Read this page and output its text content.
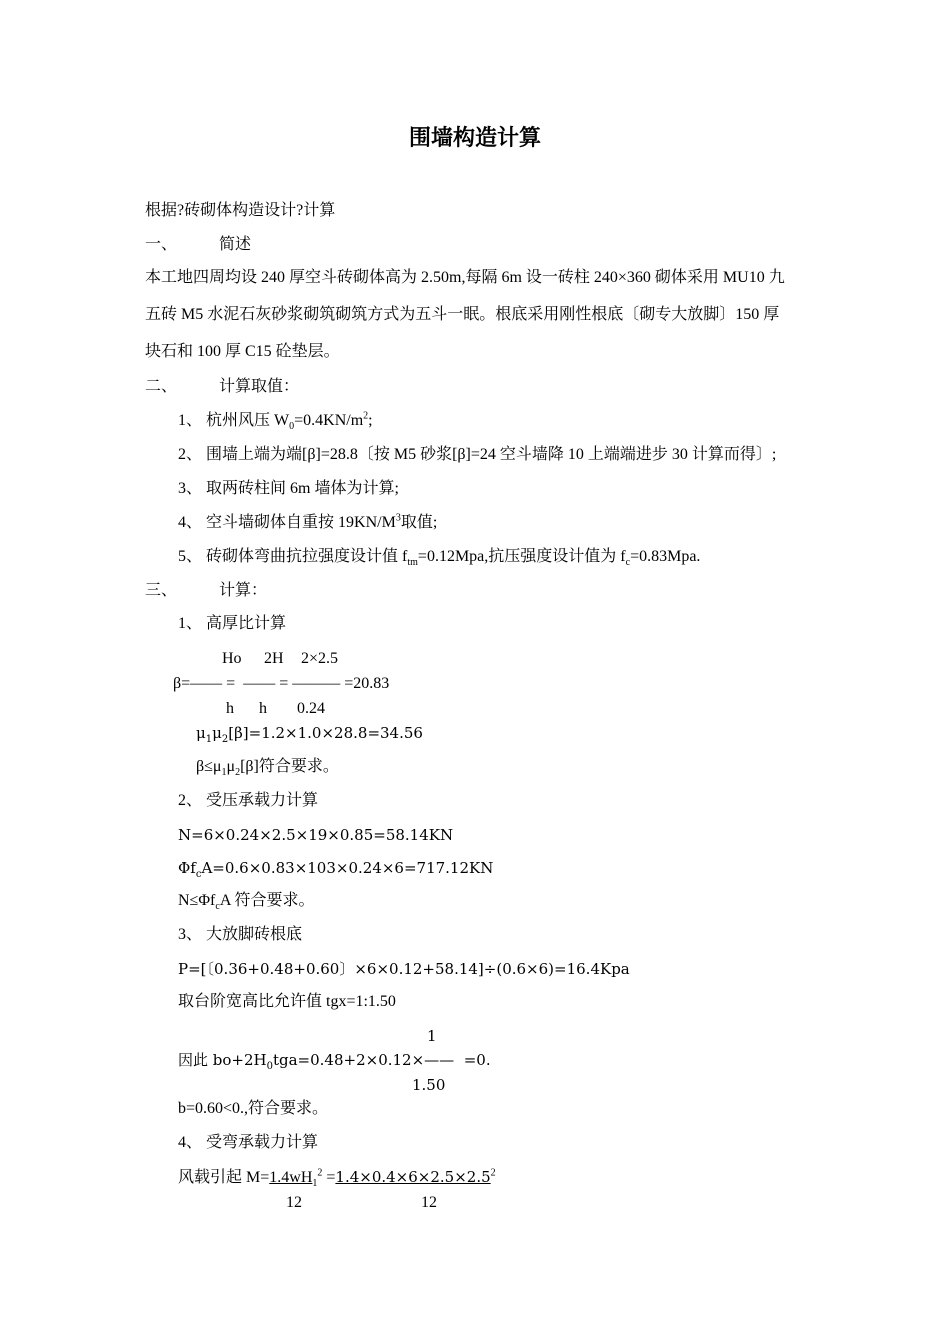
围墙构造计算
根据?砖砌体构造设计?计算
一、	简述
本工地四周均设 240 厚空斗砖砌体高为 2.50m,每隔 6m 设一砖柱 240×360 砌体采用 MU10 九
五砖 M5 水泥石灰砂浆砌筑砌筑方式为五斗一眠。根底采用刚性根底〔砌专大放脚〕150 厚
块石和 100 厚 C15 砼垫层。
二、	计算取值：
1、 杭州风压 $W_0=0.4KN/m^2$;
2、 围墙上端为端[β]=28.8〔按 M5 砂浆[β]=24 空斗墙降 10 上端端进步 30 计算而得〕;
3、 取两砖柱间 6m 墙体为计算;
4、 空斗墙砌体自重按 $19KN/M^3$取值;
5、 砖砌体弯曲抗拉强度设计值 $f_{tm}=0.12Mpa$,抗压强度设计值为 $f_c=0.83Mpa$.
三、	计算：
1、 高厚比计算
Ho 2H 2×2.5
β=—— = —— = ——— =20.83
h h 0.24
$\mu_1\mu_2[\beta]=1.2\times 1.0\times 28.8=34.56$
$\beta\le\mu_1\mu_2[\beta]$符合要求。
2、 受压承载力计算
N=6×0.24×2.5×19×0.85=58.14KN
$\Phi f_cA=0.6\times 0.83\times 103\times 0.24\times 6=717.12KN$
$N\le\Phi f_cA$ 符合要求。
3、 大放脚砖根底
P=[〔0.36+0.48+0.60〕×6×0.12+58.14]÷(0.6×6)=16.4Kpa
取台阶宽高比允许值 tgx=1:1.50
1
因此 $bo+2H_0tga=0.48+2\times 0.12\times—— =0$.
1.50
b=0.60<0.,符合要求。
4、 受弯承载力计算
风载引起 $M=1.4wH_1^2 =1.4\times 0.4\times 6\times 2.5\times 2.5^2$
12	12
